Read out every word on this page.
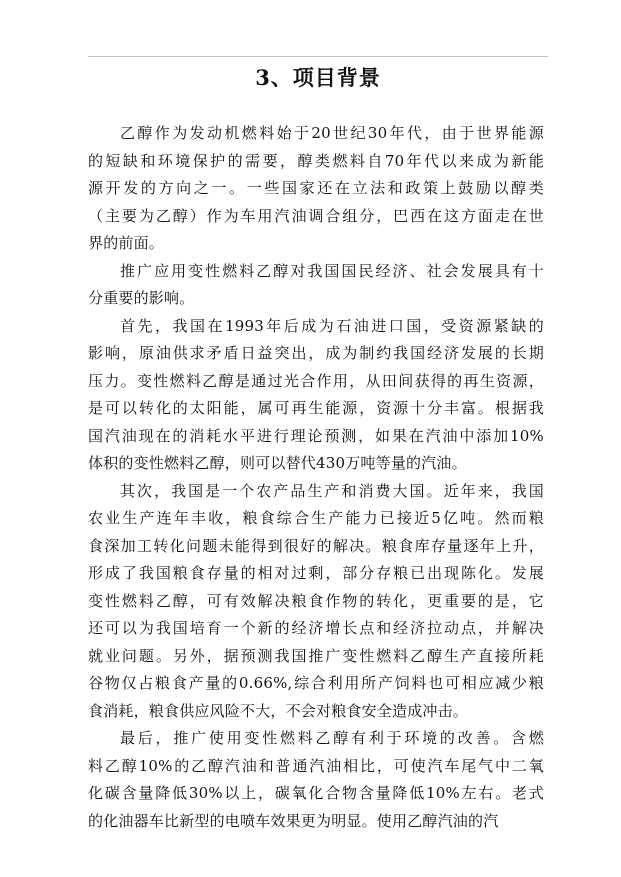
3、项目背景
乙醇作为发动机燃料始于20世纪30年代，由于世界能源
的短缺和环境保护的需要，醇类燃料自70年代以来成为新能
源开发的方向之一。一些国家还在立法和政策上鼓励以醇类
（主要为乙醇）作为车用汽油调合组分，巴西在这方面走在世
界的前面。
推广应用变性燃料乙醇对我国国民经济、社会发展具有十
分重要的影响。
首先，我国在1993年后成为石油进口国，受资源紧缺的
影响，原油供求矛盾日益突出，成为制约我国经济发展的长期
压力。变性燃料乙醇是通过光合作用，从田间获得的再生资源，
是可以转化的太阳能，属可再生能源，资源十分丰富。根据我
国汽油现在的消耗水平进行理论预测，如果在汽油中添加10%
体积的变性燃料乙醇，则可以替代430万吨等量的汽油。
其次，我国是一个农产品生产和消费大国。近年来，我国
农业生产连年丰收，粮食综合生产能力已接近5亿吨。然而粮
食深加工转化问题未能得到很好的解决。粮食库存量逐年上升，
形成了我国粮食存量的相对过剩，部分存粮已出现陈化。发展
变性燃料乙醇，可有效解决粮食作物的转化，更重要的是，它
还可以为我国培育一个新的经济增长点和经济拉动点，并解决
就业问题。另外，据预测我国推广变性燃料乙醇生产直接所耗
谷物仅占粮食产量的0.66%,综合利用所产饲料也可相应减少粮
食消耗，粮食供应风险不大，不会对粮食安全造成冲击。
最后，推广使用变性燃料乙醇有利于环境的改善。含燃
料乙醇10%的乙醇汽油和普通汽油相比，可使汽车尾气中二氧
化碳含量降低30%以上，碳氧化合物含量降低10%左右。老式
的化油器车比新型的电喷车效果更为明显。使用乙醇汽油的汽
